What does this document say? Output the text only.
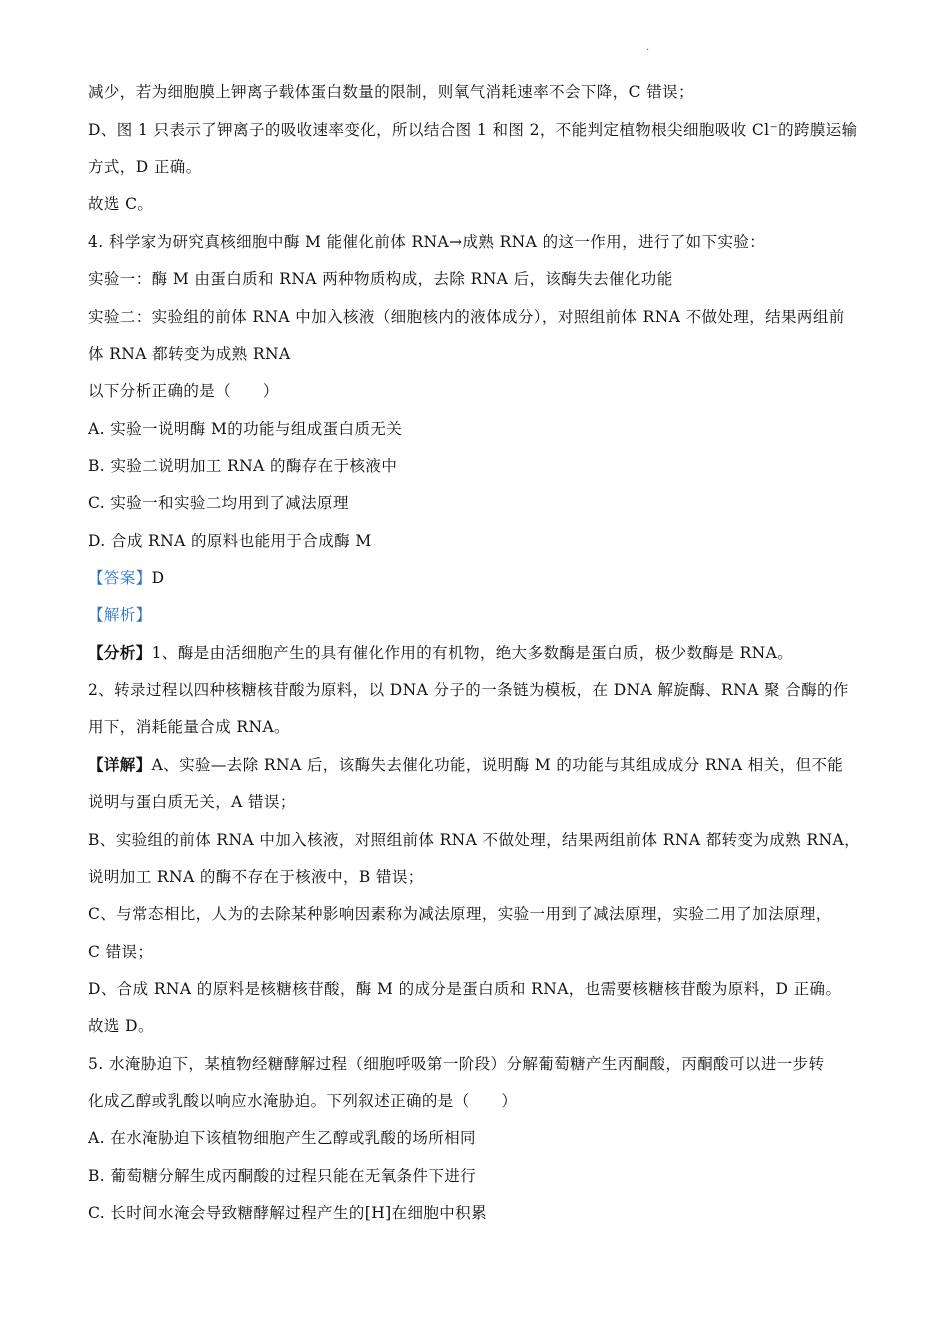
.
减少，若为细胞膜上钾离子载体蛋白数量的限制，则氧气消耗速率不会下降，C 错误；
D、图 1 只表示了钾离子的吸收速率变化，所以结合图 1 和图 2，不能判定植物根尖细胞吸收 Cl⁻的跨膜运输
方式，D 正确。
故选 C。
4. 科学家为研究真核细胞中酶 M 能催化前体 RNA→成熟 RNA 的这一作用，进行了如下实验：
实验一：酶 M 由蛋白质和 RNA 两种物质构成，去除 RNA 后，该酶失去催化功能
实验二：实验组的前体 RNA 中加入核液（细胞核内的液体成分），对照组前体 RNA 不做处理，结果两组前
体 RNA 都转变为成熟 RNA
以下分析正确的是（　　）
A. 实验一说明酶 M的功能与组成蛋白质无关
B. 实验二说明加工 RNA 的酶存在于核液中
C. 实验一和实验二均用到了减法原理
D. 合成 RNA 的原料也能用于合成酶 M
【答案】D
【解析】
【分析】1、酶是由活细胞产生的具有催化作用的有机物，绝大多数酶是蛋白质，极少数酶是 RNA。
2、转录过程以四种核糖核苷酸为原料，以 DNA 分子的一条链为模板，在 DNA 解旋酶、RNA 聚 合酶的作
用下，消耗能量合成 RNA。
【详解】A、实验—去除 RNA 后，该酶失去催化功能，说明酶 M 的功能与其组成成分 RNA 相关，但不能
说明与蛋白质无关，A 错误；
B、实验组的前体 RNA 中加入核液，对照组前体 RNA 不做处理，结果两组前体 RNA 都转变为成熟 RNA，
说明加工 RNA 的酶不存在于核液中，B 错误；
C、与常态相比，人为的去除某种影响因素称为减法原理，实验一用到了减法原理，实验二用了加法原理，
C 错误；
D、合成 RNA 的原料是核糖核苷酸，酶 M 的成分是蛋白质和 RNA，也需要核糖核苷酸为原料，D 正确。
故选 D。
5. 水淹胁迫下，某植物经糖酵解过程（细胞呼吸第一阶段）分解葡萄糖产生丙酮酸，丙酮酸可以进一步转
化成乙醇或乳酸以响应水淹胁迫。下列叙述正确的是（　　）
A. 在水淹胁迫下该植物细胞产生乙醇或乳酸的场所相同
B. 葡萄糖分解生成丙酮酸的过程只能在无氧条件下进行
C. 长时间水淹会导致糖酵解过程产生的[H]在细胞中积累
